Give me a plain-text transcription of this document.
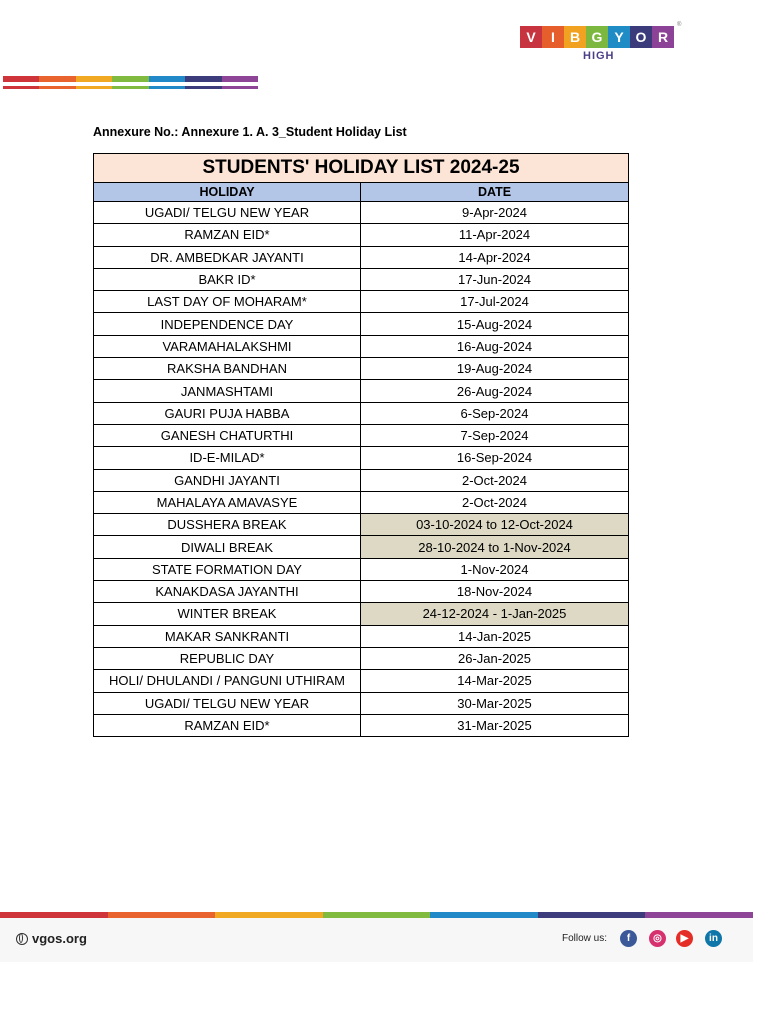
V	I	B G Y O R
HIGH
®
Annexure No.: Annexure 1. A. 3_Student Holiday List
STUDENTS' HOLIDAY LIST 2024-25	
HOLIDAY	DATE
UGADI/ TELGU NEW YEAR	9-Apr-2024
RAMZAN EID*	11-Apr-2024
DR. AMBEDKAR JAYANTI	14-Apr-2024
BAKR ID*	17-Jun-2024
LAST DAY OF MOHARAM*	17-Jul-2024
INDEPENDENCE DAY	15-Aug-2024
VARAMAHALAKSHMI	16-Aug-2024
RAKSHA BANDHAN	19-Aug-2024
JANMASHTAMI	26-Aug-2024
GAURI PUJA HABBA	6-Sep-2024
GANESH CHATURTHI	7-Sep-2024
ID-E-MILAD*	16-Sep-2024
GANDHI JAYANTI	2-Oct-2024
MAHALAYA AMAVASYE	2-Oct-2024
DUSSHERA BREAK	03-10-2024 to 12-Oct-2024
DIWALI BREAK	28-10-2024 to 1-Nov-2024
STATE FORMATION DAY	1-Nov-2024
KANAKDASA JAYANTHI	18-Nov-2024
WINTER BREAK	24-12-2024 - 1-Jan-2025
MAKAR SANKRANTI	14-Jan-2025
REPUBLIC DAY	26-Jan-2025
HOLI/ DHULANDI / PANGUNI UTHIRAM	14-Mar-2025
UGADI/ TELGU NEW YEAR	30-Mar-2025
RAMZAN EID*	31-Mar-2025
vgos.org	Follow us:	f	◎	▶	in
